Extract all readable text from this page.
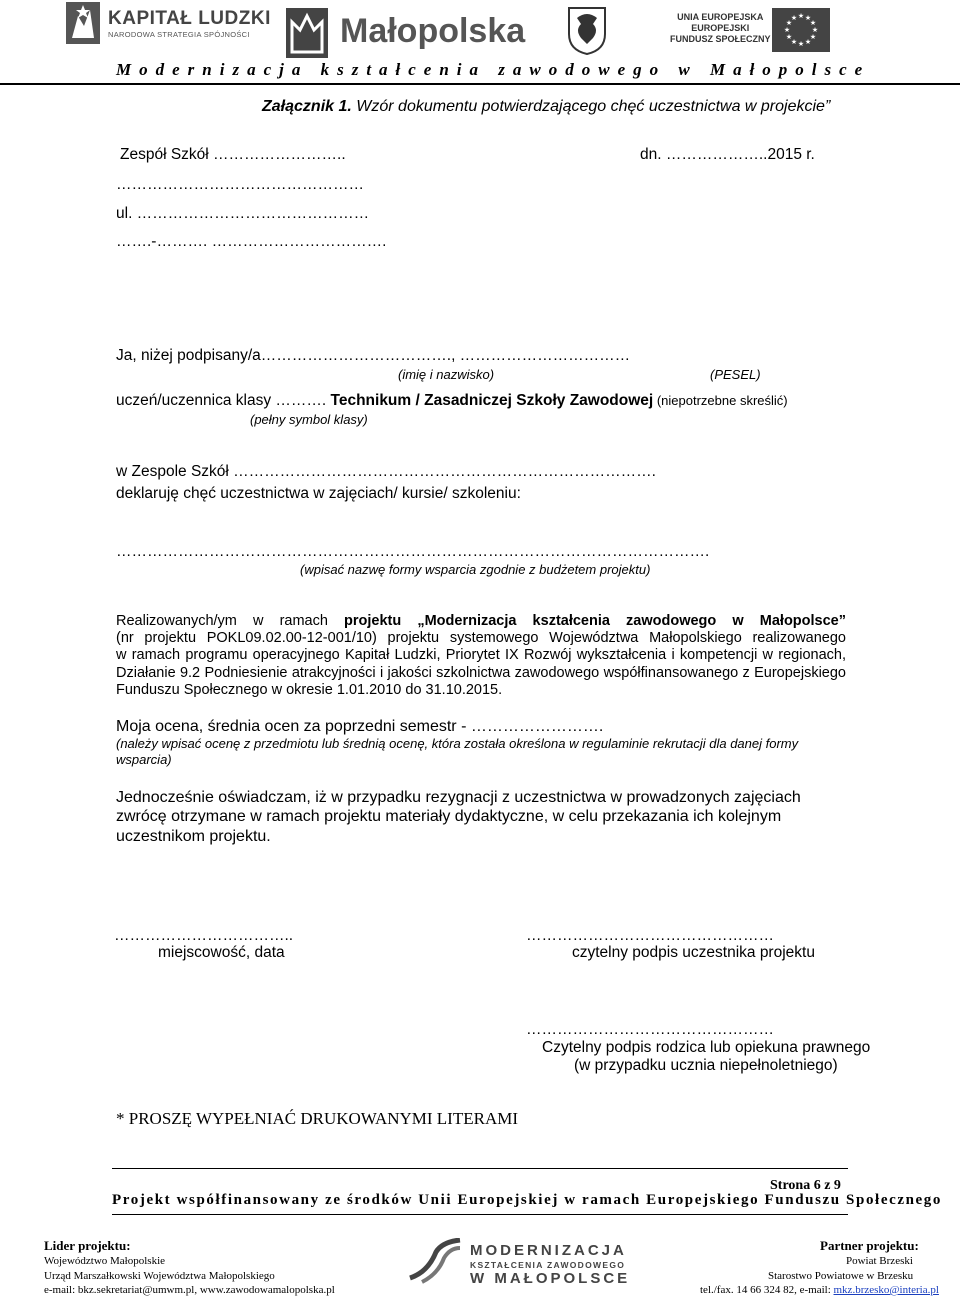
KAPITAŁ LUDZKI
NARODOWA STRATEGIA SPÓJNOŚCI	Małopolska	UNIA EUROPEJSKA
EUROPEJSKI
FUNDUSZ SPOŁECZNY
★ ★
★
★
★
★
★
★
★
★
★
★
Modernizacja kształcenia zawodowego w Małopolsce
Załącznik 1. Wzór dokumentu potwierdzającego chęć uczestnictwa w projekcie”
Zespół Szkół ……………………..	dn. ………………..2015 r.
…………………………………………
ul. ………………………………………
…….-………. …………………………….
Ja, niżej podpisany/a………………………………., ……………………………
(imię i nazwisko)	(PESEL)
uczeń/uczennica klasy ………. Technikum / Zasadniczej Szkoły Zawodowej (niepotrzebne skreślić)
(pełny symbol klasy)
w Zespole Szkół ……………………………………………………………………….
deklaruję chęć uczestnictwa w zajęciach/ kursie/ szkoleniu:
…………………………………………………………………………………………………….
(wpisać nazwę formy wsparcia zgodnie z budżetem projektu)
Realizowanych/ym w ramach projektu „Modernizacja kształcenia zawodowego w Małopolsce”
(nr projektu POKL09.02.00-12-001/10) projektu systemowego Województwa Małopolskiego realizowanego
w ramach programu operacyjnego Kapitał Ludzki, Priorytet IX Rozwój wykształcenia i kompetencji w regionach,
Działanie 9.2 Podniesienie atrakcyjności i jakości szkolnictwa zawodowego współfinansowanego z Europejskiego
Funduszu Społecznego w okresie 1.01.2010 do 31.10.2015.
Moja ocena, średnia ocen za poprzedni semestr - …………………….
(należy wpisać ocenę z przedmiotu lub średnią ocenę, która została określona w regulaminie rekrutacji dla danej formy
wsparcia)
Jednocześnie oświadczam, iż w przypadku rezygnacji z uczestnictwa w prowadzonych zajęciach
zwrócę otrzymane w ramach projektu materiały dydaktyczne, w celu przekazania ich kolejnym
uczestnikom projektu.
……………………………..	…………………………………………
miejscowość, data	czytelny podpis uczestnika projektu
…………………………………………
Czytelny podpis rodzica lub opiekuna prawnego
(w przypadku ucznia niepełnoletniego)
* PROSZĘ WYPEŁNIAĆ DRUKOWANYMI LITERAMI
Strona 6 z 9
Projekt współfinansowany ze środków Unii Europejskiej w ramach Europejskiego Funduszu Społecznego
Lider projektu:
Województwo Małopolskie
Urząd Marszałkowski Województwa Małopolskiego
e-mail: bkz.sekretariat@umwm.pl, www.zawodowamalopolska.pl
MODERNIZACJA
KSZTAŁCENIA ZAWODOWEGO
W MAŁOPOLSCE
Partner projektu:
Powiat Brzeski
Starostwo Powiatowe w Brzesku
tel./fax. 14 66 324 82, e-mail: mkz.brzesko@interia.pl
